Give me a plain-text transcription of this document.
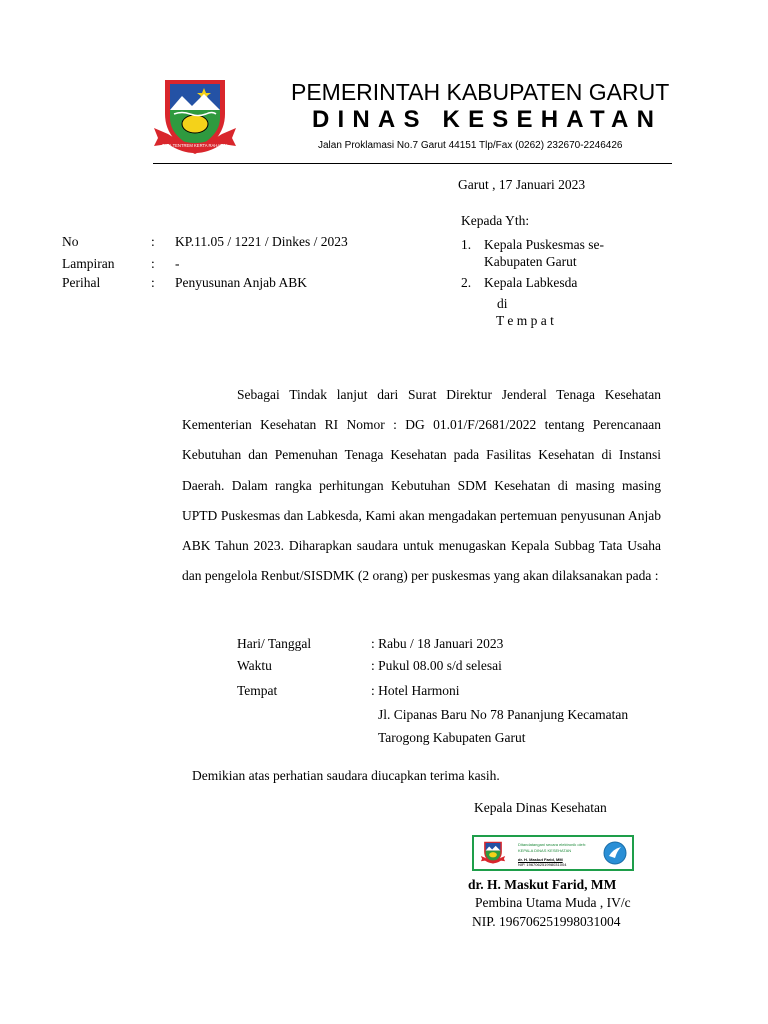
TATA TENTREM KERTA RAHARJA
PEMERINTAH KABUPATEN GARUT
DINAS KESEHATAN
Jalan Proklamasi No.7 Garut 44151 Tlp/Fax (0262) 232670-2246426
Garut , 17 Januari 2023
Kepada Yth:
1. Kepala Puskesmas se-
Kabupaten Garut
2. Kepala Labkesda
di
T e m p a t
No	: KP.11.05 / 1221 / Dinkes / 2023
Lampiran	: -
Perihal	: Penyusunan Anjab ABK

Sebagai Tindak lanjut dari Surat Direktur Jenderal Tenaga Kesehatan Kementerian Kesehatan RI Nomor : DG 01.01/F/2681/2022 tentang Perencanaan Kebutuhan dan Pemenuhan Tenaga Kesehatan pada Fasilitas Kesehatan di Instansi Daerah. Dalam rangka perhitungan Kebutuhan SDM Kesehatan di masing masing UPTD Puskesmas dan Labkesda, Kami akan mengadakan pertemuan penyusunan Anjab ABK Tahun 2023. Diharapkan saudara untuk menugaskan Kepala Subbag Tata Usaha dan pengelola Renbut/SISDMK (2 orang) per puskesmas yang akan dilaksanakan pada :

Hari/ Tanggal	: Rabu / 18 Januari 2023
Waktu	: Pukul 08.00 s/d selesai
Tempat	: Hotel Harmoni
Jl. Cipanas Baru No 78 Pananjung Kecamatan
Tarogong Kabupaten Garut
Demikian atas perhatian saudara diucapkan terima kasih.
Kepala Dinas Kesehatan
Ditandatangani secara elektronik oleh:
KEPALA DINAS KESEHATAN
dr. H. Maskut Farid, MM
NIP. 196706251998031004
dr. H. Maskut Farid, MM
Pembina Utama Muda , IV/c
NIP. 196706251998031004
